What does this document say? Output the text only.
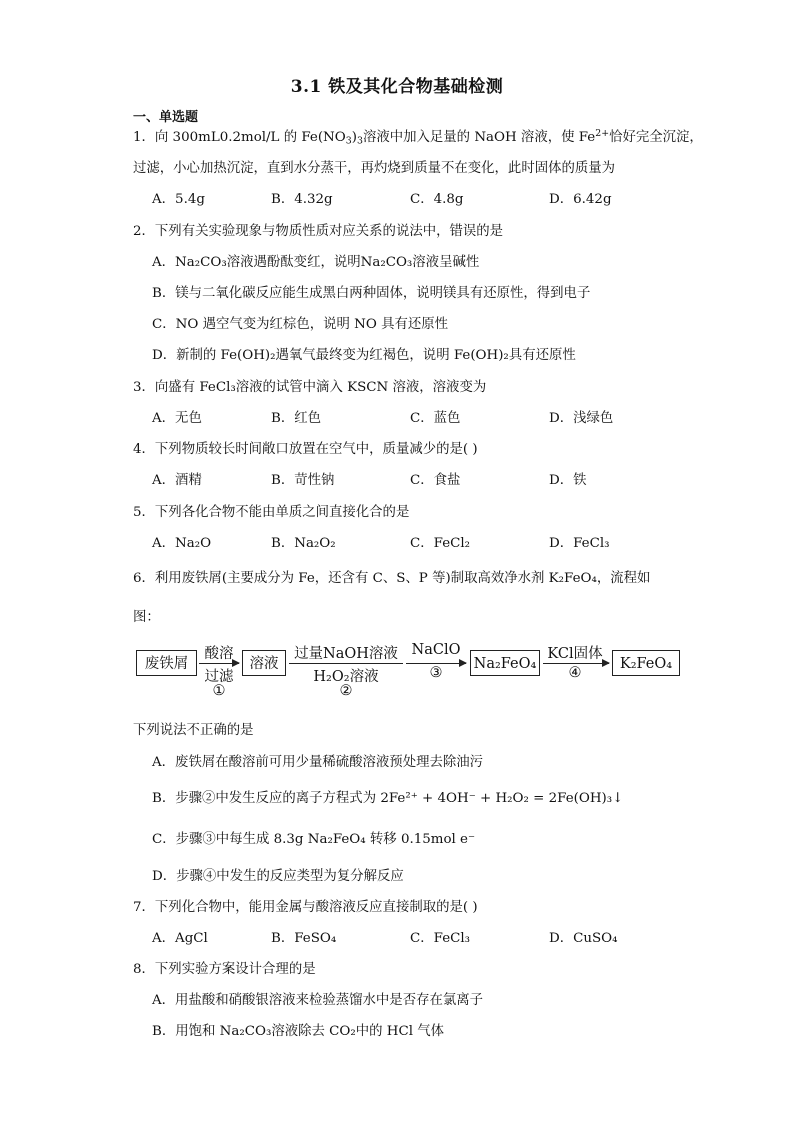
3.1 铁及其化合物基础检测
一、单选题
1．向 300mL0.2mol/L 的 $Fe(NO_3)_3$溶液中加入足量的 NaOH 溶液，使 $Fe^{2+}$恰好完全沉淀，
过滤，小心加热沉淀，直到水分蒸干，再灼烧到质量不在变化，此时固体的质量为
A．5.4g	B．4.32g	C．4.8g	D．6.42g
2．下列有关实验现象与物质性质对应关系的说法中，错误的是
A．Na₂CO₃溶液遇酚酞变红，说明Na₂CO₃溶液呈碱性
B．镁与二氧化碳反应能生成黑白两种固体，说明镁具有还原性，得到电子
C．NO 遇空气变为红棕色，说明 NO 具有还原性
D．新制的 Fe(OH)₂遇氧气最终变为红褐色，说明 Fe(OH)₂具有还原性
3．向盛有 FeCl₃溶液的试管中滴入 KSCN 溶液，溶液变为
A．无色	B．红色	C．蓝色	D．浅绿色
4．下列物质较长时间敞口放置在空气中，质量减少的是( )
A．酒精	B．苛性钠	C．食盐	D．铁
5．下列各化合物不能由单质之间直接化合的是
A．Na₂O	B．Na₂O₂	C．FeCl₂	D．FeCl₃
6．利用废铁屑(主要成分为 Fe，还含有 C、S、P 等)制取高效净水剂 K₂FeO₄，流程如
图：
废铁屑
酸溶
过滤
①
溶液
过量NaOH溶液
H₂O₂溶液
②
NaClO
③
Na₂FeO₄
KCl固体
④
K₂FeO₄
下列说法不正确的是
A．废铁屑在酸溶前可用少量稀硫酸溶液预处理去除油污
B．步骤②中发生反应的离子方程式为 2Fe²⁺ + 4OH⁻ + H₂O₂ = 2Fe(OH)₃↓
C．步骤③中每生成 8.3g Na₂FeO₄ 转移 0.15mol e⁻
D．步骤④中发生的反应类型为复分解反应
7．下列化合物中，能用金属与酸溶液反应直接制取的是( )
A．AgCl	B．FeSO₄	C．FeCl₃	D．CuSO₄
8．下列实验方案设计合理的是
A．用盐酸和硝酸银溶液来检验蒸馏水中是否存在氯离子
B．用饱和 Na₂CO₃溶液除去 CO₂中的 HCl 气体
